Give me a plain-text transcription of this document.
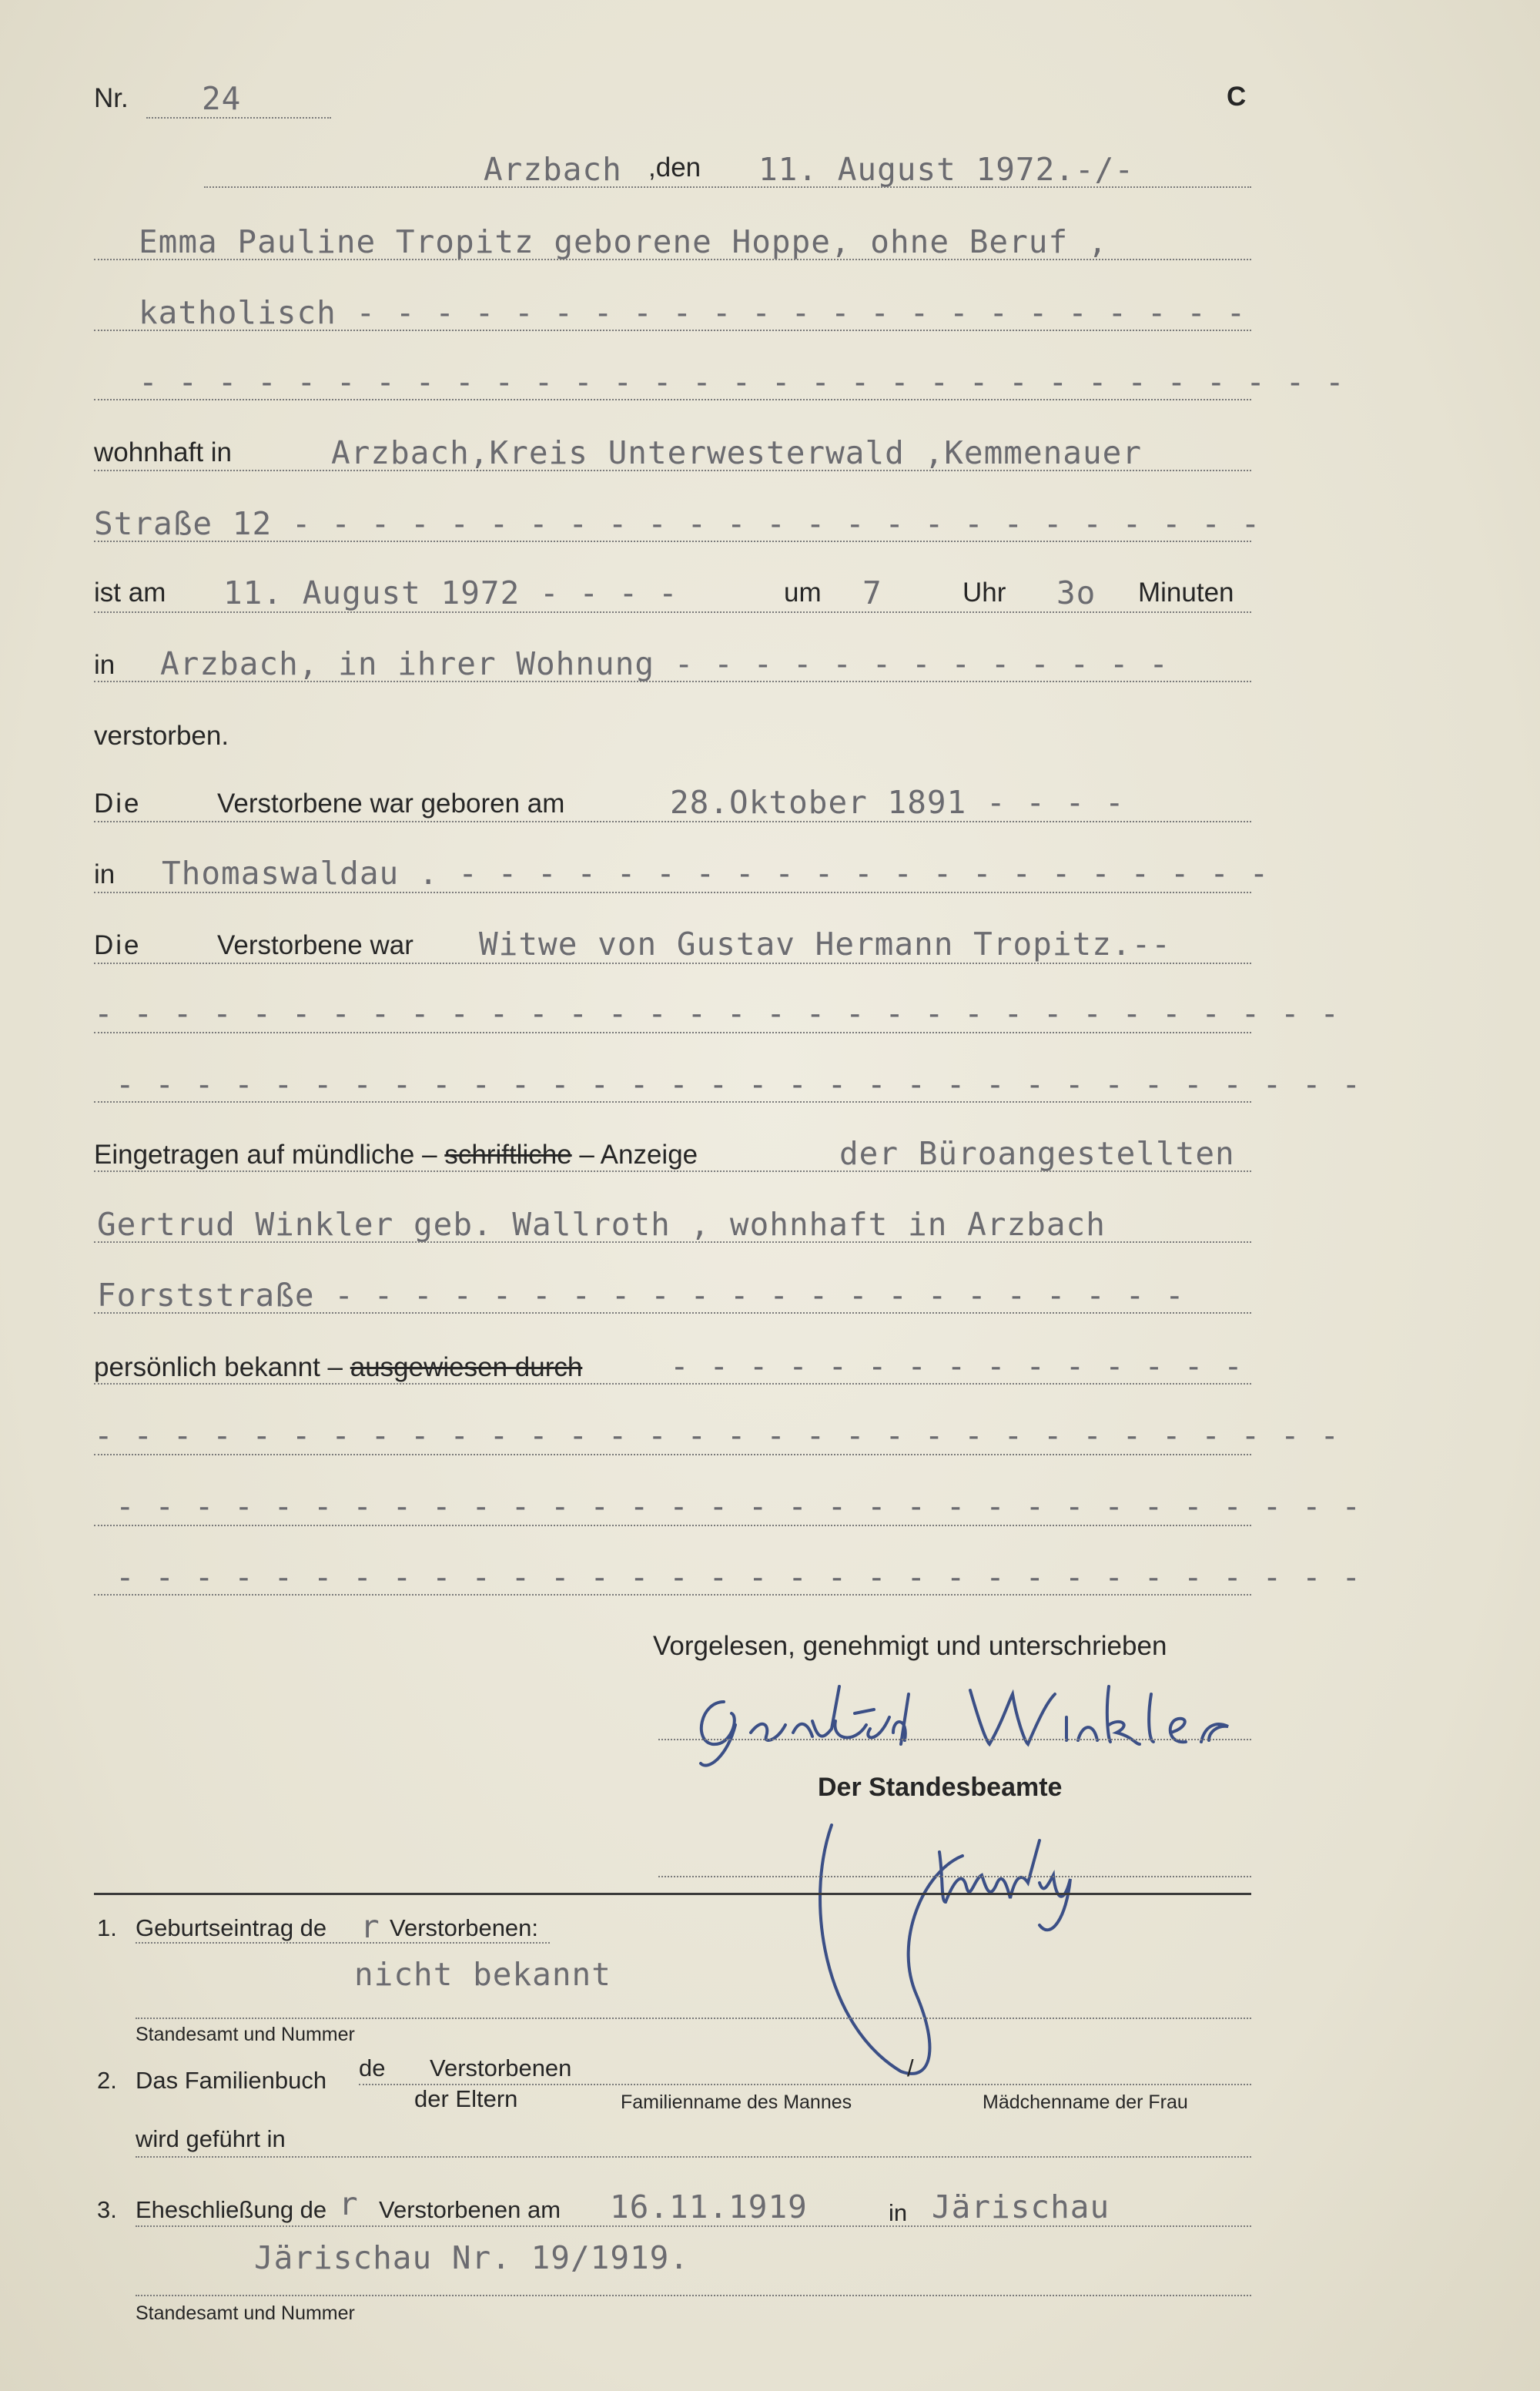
Nr. 24	C
Arzbach ,den 11. August 1972.-/-
Emma Pauline Tropitz geborene Hoppe, ohne Beruf ,
katholisch - - - - - - - - - - - - - - - - - - - - - - -
- - - - - - - - - - - - - - - - - - - - - - - - - - - - - - -
wohnhaft in	Arzbach,Kreis Unterwesterwald ,Kemmenauer
Straße 12 - - - - - - - - - - - - - - - - - - - - - - - - -
ist am 11. August 1972 - - - -	um 7	Uhr 3o Minuten
in Arzbach, in ihrer Wohnung - - - - - - - - - - - - -
verstorben.
Die	Verstorbene war geboren am	28.Oktober 1891 - - - -
in Thomaswaldau . - - - - - - - - - - - - - - - - - - - - -
Die	Verstorbene war Witwe von Gustav Hermann Tropitz.--
- - - - - - - - - - - - - - - - - - - - - - - - - - - - - - - -
- - - - - - - - - - - - - - - - - - - - - - - - - - - - - - - -
Eingetragen auf mündliche – schriftliche – Anzeige	der Büroangestellten
Gertrud Winkler geb. Wallroth , wohnhaft in Arzbach
Forststraße - - - - - - - - - - - - - - - - - - - - - -
persönlich bekannt – ausgewiesen durch	- - - - - - - - - - - - - - -
- - - - - - - - - - - - - - - - - - - - - - - - - - - - - - - -
- - - - - - - - - - - - - - - - - - - - - - - - - - - - - - - -
- - - - - - - - - - - - - - - - - - - - - - - - - - - - - - - -
Vorgelesen, genehmigt und unterschrieben
Der Standesbeamte
1. Geburtseintrag de r Verstorbenen:
nicht bekannt
Standesamt und Nummer
2. Das Familienbuch de Verstorbenen	/
der Eltern	Familienname des Mannes	Mädchenname der Frau
wird geführt in
3. Eheschließung de r Verstorbenen am 16.11.1919	in Järischau
Järischau Nr. 19/1919.
Standesamt und Nummer
